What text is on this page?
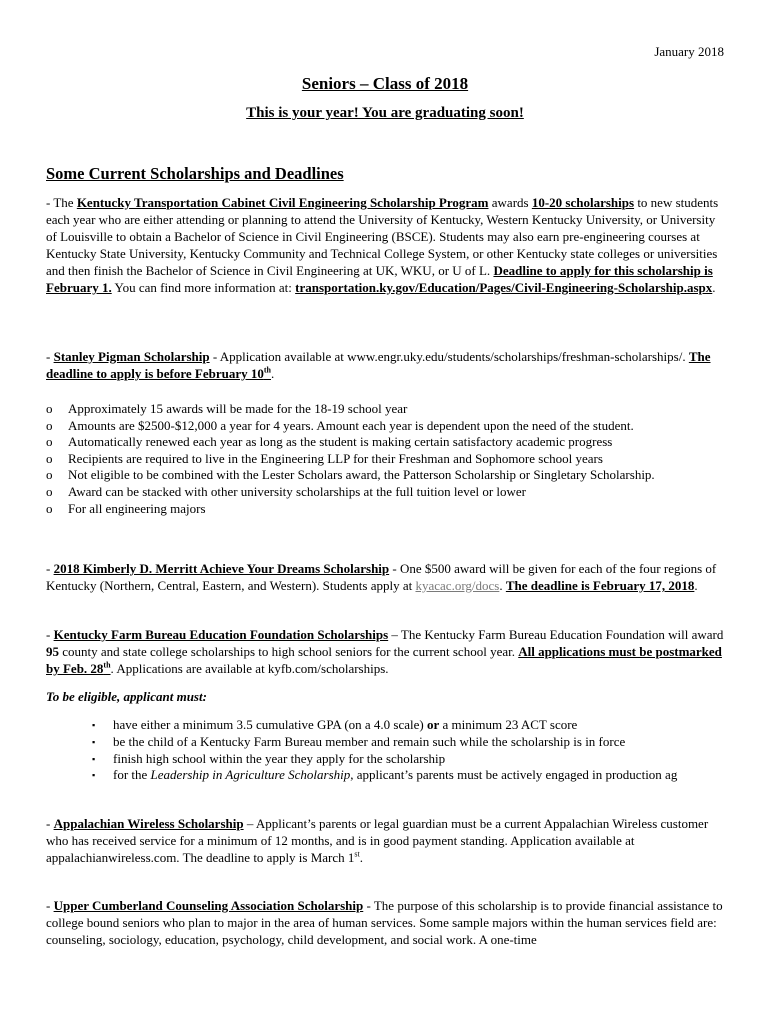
January 2018
Seniors – Class of 2018
This is your year! You are graduating soon!
Some Current Scholarships and Deadlines
- The Kentucky Transportation Cabinet Civil Engineering Scholarship Program awards 10-20 scholarships to new students each year who are either attending or planning to attend the University of Kentucky, Western Kentucky University, or University of Louisville to obtain a Bachelor of Science in Civil Engineering (BSCE). Students may also earn pre-engineering courses at Kentucky State University, Kentucky Community and Technical College System, or other Kentucky state colleges or universities and then finish the Bachelor of Science in Civil Engineering at UK, WKU, or U of L. Deadline to apply for this scholarship is February 1. You can find more information at: transportation.ky.gov/Education/Pages/Civil-Engineering-Scholarship.aspx.
- Stanley Pigman Scholarship - Application available at www.engr.uky.edu/students/scholarships/freshman-scholarships/. The deadline to apply is before February 10th.
o Approximately 15 awards will be made for the 18-19 school year
o Amounts are $2500-$12,000 a year for 4 years. Amount each year is dependent upon the need of the student.
o Automatically renewed each year as long as the student is making certain satisfactory academic progress
o Recipients are required to live in the Engineering LLP for their Freshman and Sophomore school years
o Not eligible to be combined with the Lester Scholars award, the Patterson Scholarship or Singletary Scholarship.
o Award can be stacked with other university scholarships at the full tuition level or lower
o For all engineering majors
- 2018 Kimberly D. Merritt Achieve Your Dreams Scholarship - One $500 award will be given for each of the four regions of Kentucky (Northern, Central, Eastern, and Western). Students apply at kyacac.org/docs. The deadline is February 17, 2018.
- Kentucky Farm Bureau Education Foundation Scholarships – The Kentucky Farm Bureau Education Foundation will award 95 county and state college scholarships to high school seniors for the current school year. All applications must be postmarked by Feb. 28th. Applications are available at kyfb.com/scholarships.
To be eligible, applicant must:
▪ have either a minimum 3.5 cumulative GPA (on a 4.0 scale) or a minimum 23 ACT score
▪ be the child of a Kentucky Farm Bureau member and remain such while the scholarship is in force
▪ finish high school within the year they apply for the scholarship
▪ for the Leadership in Agriculture Scholarship, applicant’s parents must be actively engaged in production ag
- Appalachian Wireless Scholarship – Applicant’s parents or legal guardian must be a current Appalachian Wireless customer who has received service for a minimum of 12 months, and is in good payment standing. Application available at appalachianwireless.com. The deadline to apply is March 1st.
- Upper Cumberland Counseling Association Scholarship - The purpose of this scholarship is to provide financial assistance to college bound seniors who plan to major in the area of human services. Some sample majors within the human services field are: counseling, sociology, education, psychology, child development, and social work. A one-time
